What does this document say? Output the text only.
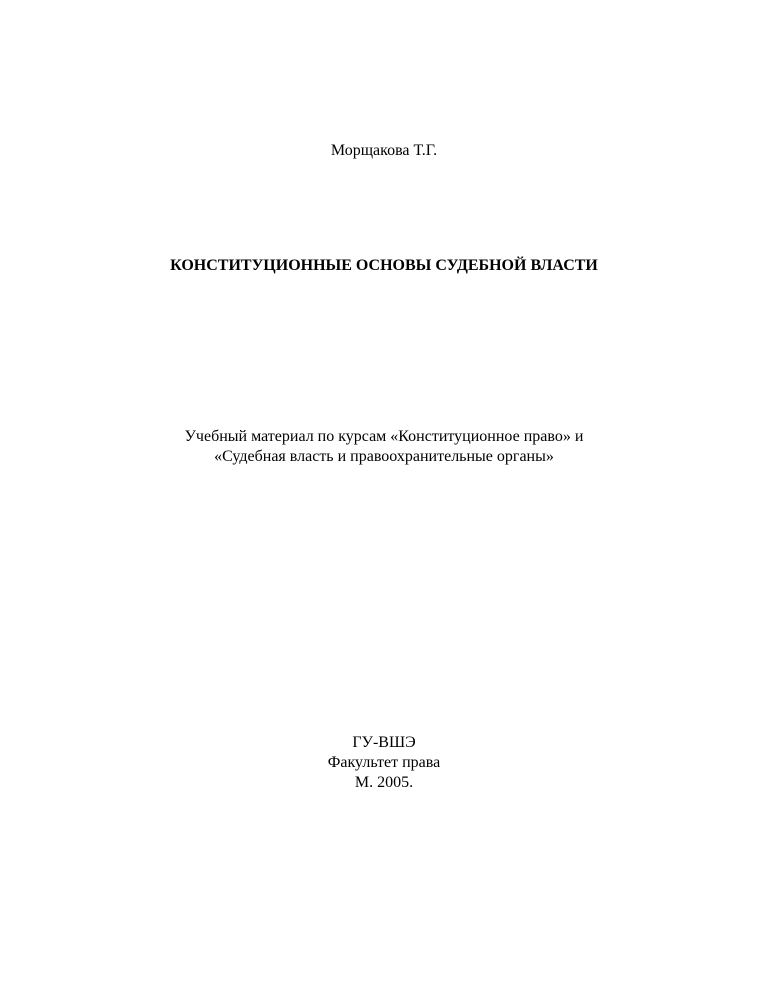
Морщакова Т.Г.
КОНСТИТУЦИОННЫЕ ОСНОВЫ СУДЕБНОЙ ВЛАСТИ
Учебный материал по курсам «Конституционное право» и
«Судебная власть и правоохранительные органы»
ГУ-ВШЭ
Факультет права
М. 2005.
